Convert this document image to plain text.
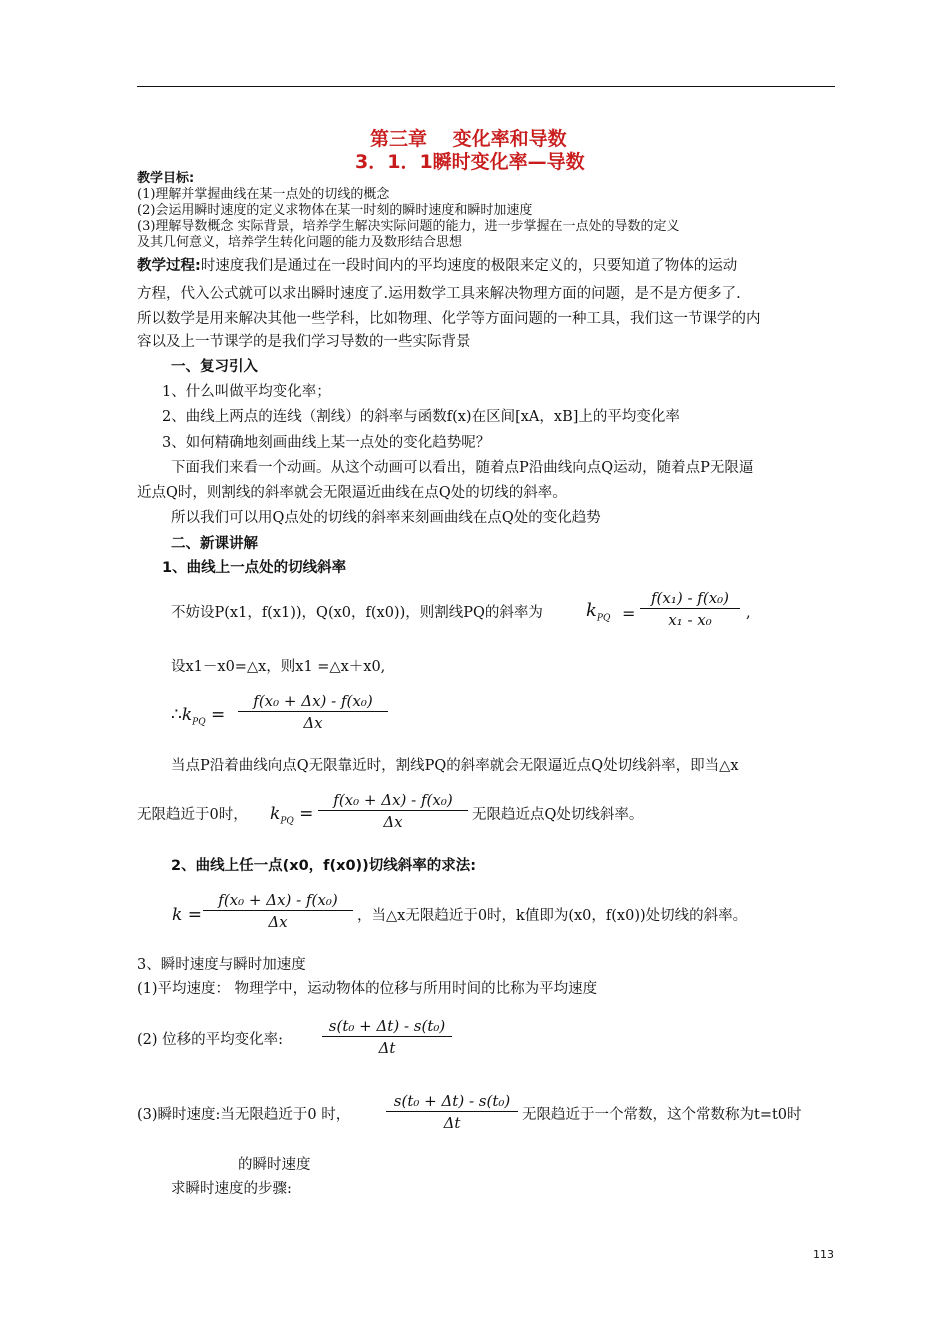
第三章　 变化率和导数
3．1．1瞬时变化率—导数
教学目标:
(1)理解并掌握曲线在某一点处的切线的概念
(2)会运用瞬时速度的定义求物体在某一时刻的瞬时速度和瞬时加速度
(3)理解导数概念 实际背景，培养学生解决实际问题的能力，进一步掌握在一点处的导数的定义
及其几何意义，培养学生转化问题的能力及数形结合思想
教学过程:时速度我们是通过在一段时间内的平均速度的极限来定义的，只要知道了物体的运动
方程，代入公式就可以求出瞬时速度了.运用数学工具来解决物理方面的问题，是不是方便多了.
所以数学是用来解决其他一些学科，比如物理、化学等方面问题的一种工具，我们这一节课学的内
容以及上一节课学的是我们学习导数的一些实际背景
一、复习引入
1、什么叫做平均变化率；
2、曲线上两点的连线（割线）的斜率与函数f(x)在区间[xA，xB]上的平均变化率
3、如何精确地刻画曲线上某一点处的变化趋势呢？
下面我们来看一个动画。从这个动画可以看出，随着点P沿曲线向点Q运动，随着点P无限逼
近点Q时，则割线的斜率就会无限逼近曲线在点Q处的切线的斜率。
所以我们可以用Q点处的切线的斜率来刻画曲线在点Q处的变化趋势
二、新课讲解
1、曲线上一点处的切线斜率
不妨设P(x1，f(x1))，Q(x0，f(x0))，则割线PQ的斜率为 $k_{PQ}$ =
f(x₁) - f(x₀)
x₁ - x₀	,
设x1－x0=△x，则x1 =△x＋x0,
$\therefore k_{PQ}$ =
f(x₀ + Δx) - f(x₀)
Δx
当点P沿着曲线向点Q无限靠近时，割线PQ的斜率就会无限逼近点Q处切线斜率，即当△x
无限趋近于0时， $k_{PQ}$ =
f(x₀ + Δx) - f(x₀)
Δx	无限趋近点Q处切线斜率。
2、曲线上任一点(x0，f(x0))切线斜率的求法:
k =
f(x₀ + Δx) - f(x₀)
Δx	，当△x无限趋近于0时，k值即为(x0，f(x0))处切线的斜率。
3、瞬时速度与瞬时加速度
(1)平均速度： 物理学中，运动物体的位移与所用时间的比称为平均速度
(2) 位移的平均变化率:
s(t₀ + Δt) - s(t₀)
Δt
(3)瞬时速度:当无限趋近于0 时，
s(t₀ + Δt) - s(t₀)
Δt	无限趋近于一个常数，这个常数称为t=t0时
的瞬时速度
求瞬时速度的步骤:
113
